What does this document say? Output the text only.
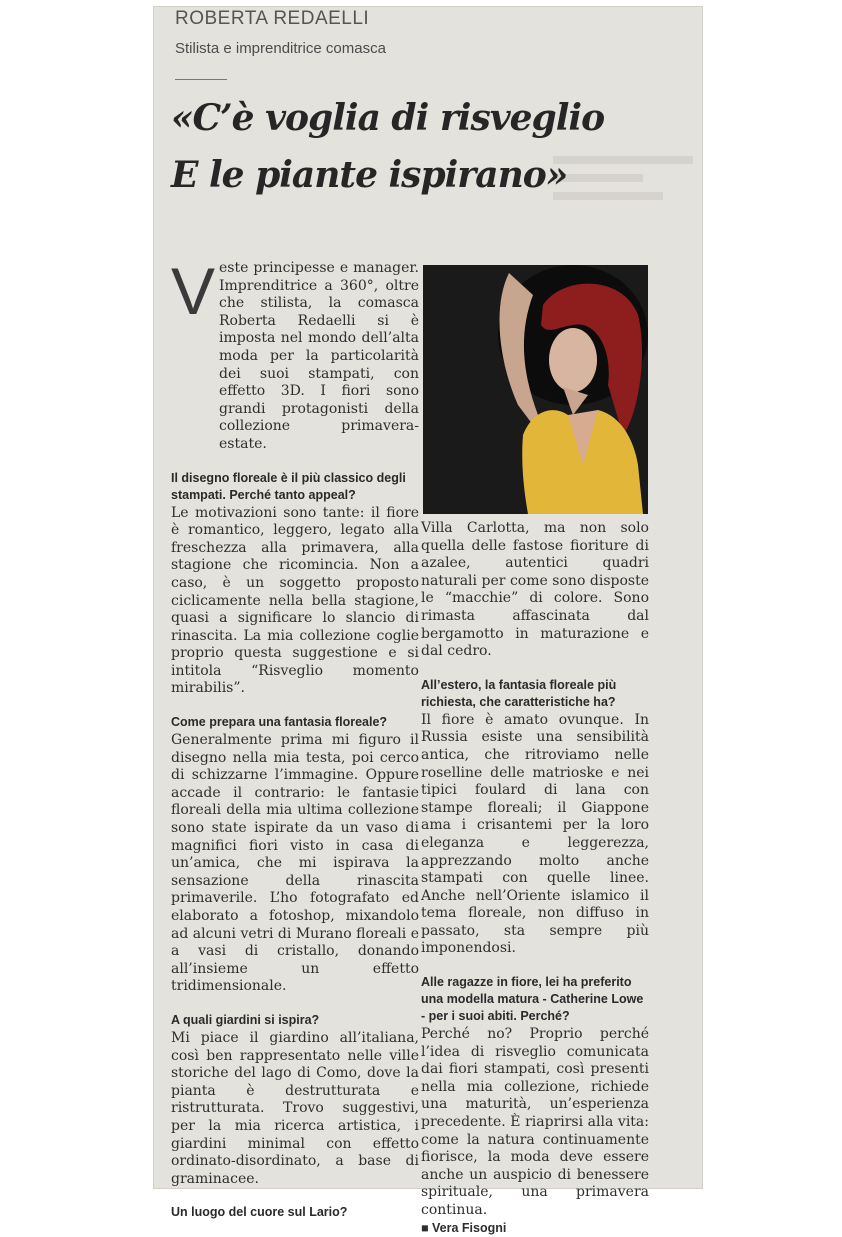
ROBERTA REDAELLI
Stilista e imprenditrice comasca
«C’è voglia di risveglio
E le piante ispirano»
V este principesse e manager. Imprenditrice a 360°, oltre che stilista, la comasca Roberta Redaelli si è imposta nel mondo dell’alta moda per la particolarità dei suoi stampati, con effetto 3D. I fiori sono grandi protagonisti della collezione primavera-estate.

Il disegno floreale è il più classico degli stampati. Perché tanto appeal?

Le motivazioni sono tante: il fiore è romantico, leggero, legato alla freschezza alla primavera, alla stagione che ricomincia. Non a caso, è un soggetto proposto ciclicamente nella bella stagione, quasi a significare lo slancio di rinascita. La mia collezione coglie proprio questa suggestione e si intitola “Risveglio momento mirabilis”.

Come prepara una fantasia floreale?

Generalmente prima mi figuro il disegno nella mia testa, poi cerco di schizzarne l’immagine. Oppure accade il contrario: le fantasie floreali della mia ultima collezione sono state ispirate da un vaso di magnifici fiori visto in casa di un’amica, che mi ispirava la sensazione della rinascita primaverile. L’ho fotografato ed elaborato a fotoshop, mixandolo ad alcuni vetri di Murano floreali e a vasi di cristallo, donando all’insieme un effetto tridimensionale.

A quali giardini si ispira?

Mi piace il giardino all’italiana, così ben rappresentato nelle ville storiche del lago di Como, dove la pianta è destrutturata e ristrutturata. Trovo suggestivi, per la mia ricerca artistica, i giardini minimal con effetto ordinato-disordinato, a base di graminacee.

Un luogo del cuore sul Lario?

Villa Carlotta, ma non solo quella delle fastose fioriture di azalee, autentici quadri naturali per come sono disposte le “macchie” di colore. Sono rimasta affascinata dal bergamotto in maturazione e dal cedro.

All’estero, la fantasia floreale più richiesta, che caratteristiche ha?

Il fiore è amato ovunque. In Russia esiste una sensibilità antica, che ritroviamo nelle roselline delle matrioske e nei tipici foulard di lana con stampe floreali; il Giappone ama i crisantemi per la loro eleganza e leggerezza, apprezzando molto anche stampati con quelle linee. Anche nell’Oriente islamico il tema floreale, non diffuso in passato, sta sempre più imponendosi.

Alle ragazze in fiore, lei ha preferito una modella matura - Catherine Lowe - per i suoi abiti. Perché?

Perché no? Proprio perché l’idea di risveglio comunicata dai fiori stampati, così presenti nella mia collezione, richiede una maturità, un’esperienza precedente. È riaprirsi alla vita: come la natura continuamente fiorisce, la moda deve essere anche un auspicio di benessere spirituale, una primavera continua.

■ Vera Fisogni
